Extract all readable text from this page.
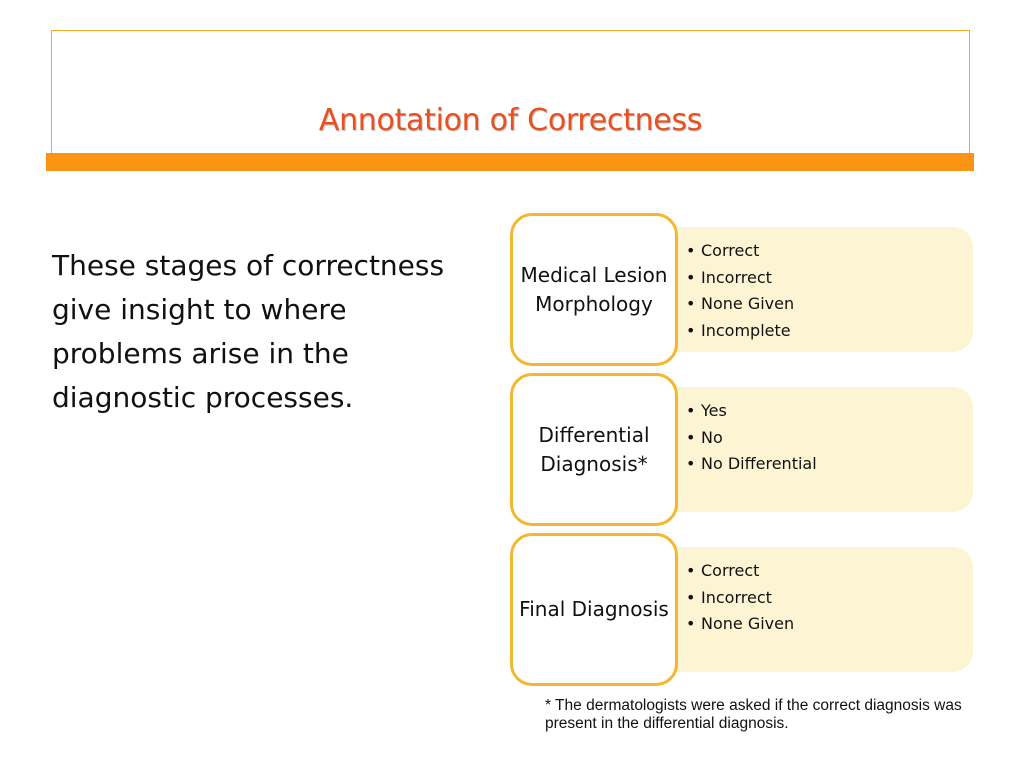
Annotation of Correctness
These stages of correctness give insight to where problems arise in the diagnostic processes.
• Correct
• Incorrect
• None Given
• Incomplete
Medical Lesion Morphology
• Yes
• No
• No Differential
Differential Diagnosis*
• Correct
• Incorrect
• None Given
Final Diagnosis
* The dermatologists were asked if the correct diagnosis was present in the differential diagnosis.
